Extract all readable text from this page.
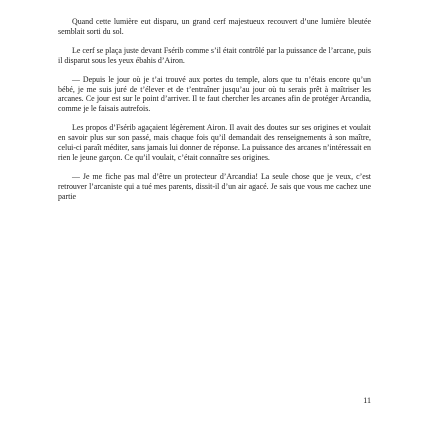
Quand cette lumière eut disparu, un grand cerf majestueux recouvert d’une lumière bleutée semblait sorti du sol.

Le cerf se plaça juste devant Fsérib comme s’il était contrôlé par la puissance de l’arcane, puis il disparut sous les yeux ébahis d’Airon.

— Depuis le jour où je t’ai trouvé aux portes du temple, alors que tu n’étais encore qu’un bébé, je me suis juré de t’élever et de t’entraîner jusqu’au jour où tu serais prêt à maîtriser les arcanes. Ce jour est sur le point d’arriver. Il te faut chercher les arcanes afin de protéger Arcandia, comme je le faisais autrefois.

Les propos d’Fsérib agaçaient légèrement Airon. Il avait des doutes sur ses origines et voulait en savoir plus sur son passé, mais chaque fois qu’il demandait des renseignements à son maître, celui-ci paraît méditer, sans jamais lui donner de réponse. La puissance des arcanes n’intéressait en rien le jeune garçon. Ce qu’il voulait, c’était connaître ses origines.

— Je me fiche pas mal d’être un protecteur d’Arcandia! La seule chose que je veux, c’est retrouver l’arcaniste qui a tué mes parents, dissit-il d’un air agacé. Je sais que vous me cachez une partie

11
